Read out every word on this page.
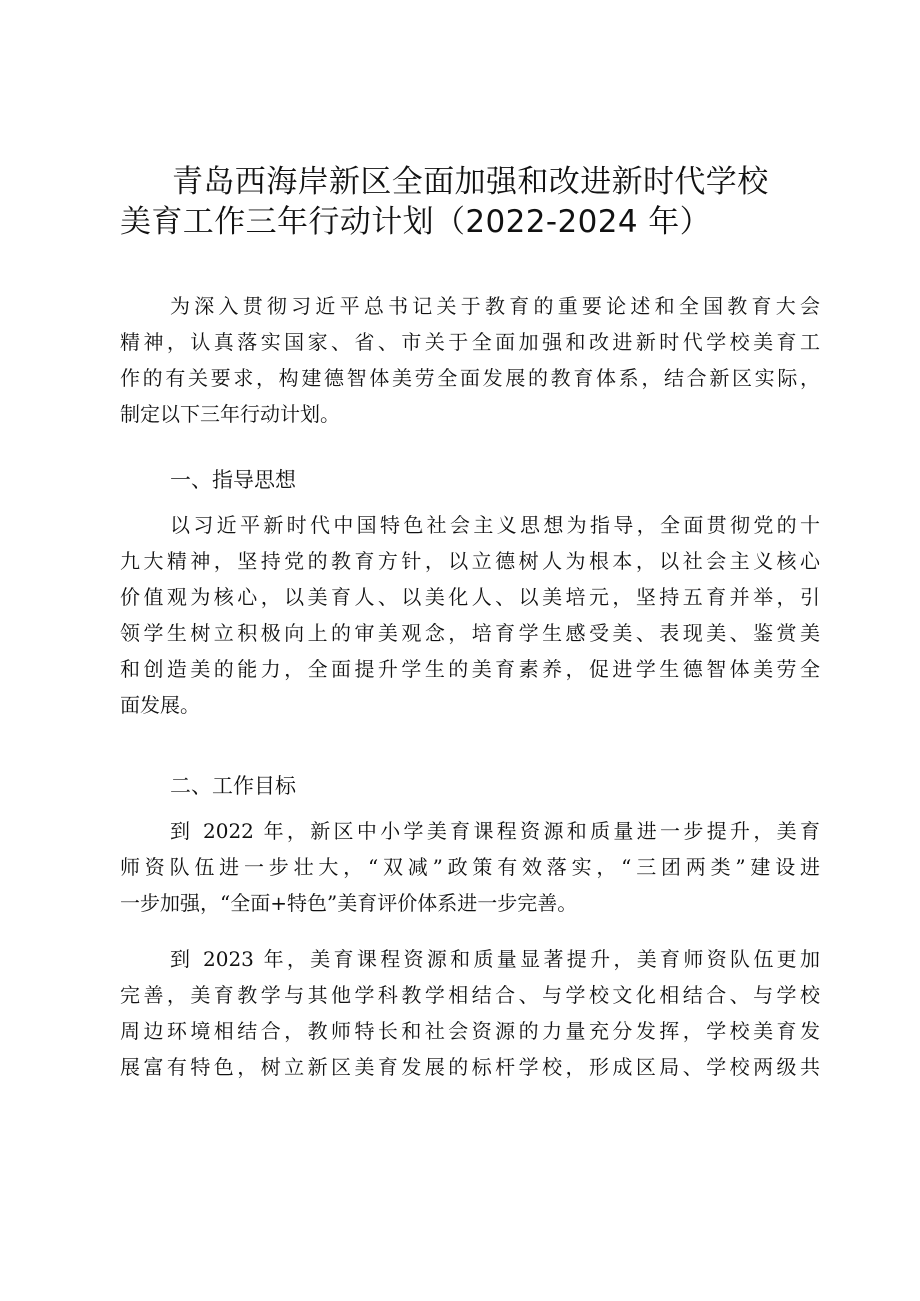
青岛西海岸新区全面加强和改进新时代学校
美育工作三年行动计划（2022-2024 年）
为深入贯彻习近平总书记关于教育的重要论述和全国教育大会
精神，认真落实国家、省、市关于全面加强和改进新时代学校美育工
作的有关要求，构建德智体美劳全面发展的教育体系，结合新区实际，
制定以下三年行动计划。
一、指导思想
以习近平新时代中国特色社会主义思想为指导，全面贯彻党的十
九大精神，坚持党的教育方针，以立德树人为根本，以社会主义核心
价值观为核心，以美育人、以美化人、以美培元，坚持五育并举，引
领学生树立积极向上的审美观念，培育学生感受美、表现美、鉴赏美
和创造美的能力，全面提升学生的美育素养，促进学生德智体美劳全
面发展。
二、工作目标
到 2022 年，新区中小学美育课程资源和质量进一步提升，美育
师资队伍进一步壮大，“双减”政策有效落实，“三团两类”建设进
一步加强，“全面+特色”美育评价体系进一步完善。
到 2023 年，美育课程资源和质量显著提升，美育师资队伍更加
完善，美育教学与其他学科教学相结合、与学校文化相结合、与学校
周边环境相结合，教师特长和社会资源的力量充分发挥，学校美育发
展富有特色，树立新区美育发展的标杆学校，形成区局、学校两级共
